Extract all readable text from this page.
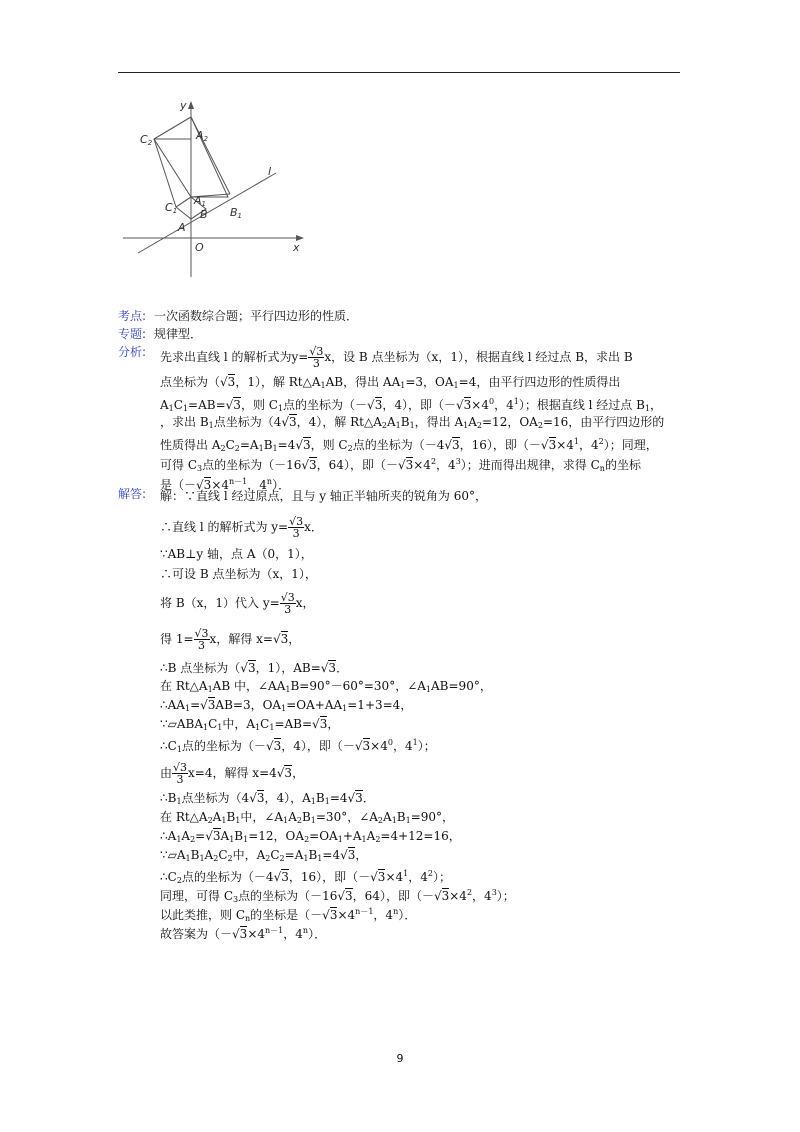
y
x
O
A
B
A1
C1	B1
A2
C2
l
考点:
专题:
分析:
解答:
一次函数综合题；平行四边形的性质．
规律型．
先求出直线 l 的解析式为$y= \frac{√3}{3}$ x，设 B 点坐标为（x，1），根据直线 l 经过点 B，求出 B
点坐标为（√3，1），解 $Rt\triangle A_1AB$，得出 $AA_1=3$，$OA_1=4$，由平行四边形的性质得出
$A_1C_1=AB=√3$，则 $C_1$点的坐标为（－√3，4），即（$-√3\times 4^0$，$4^1$）；根据直线 l 经过点 $B_1$，
，求出 $B_1$点坐标为（4√3，4），解 $Rt\triangle A_2A_1B_1$，得出 $A_1A_2=12$，$OA_2=16$，由平行四边形的
性质得出 $A_2C_2=A_1B_1=4√3$，则 $C_2$点的坐标为（－4√3，16），即（$-√3\times 4^1$，$4^2$）；同理，
可得 $C_3$点的坐标为（－16√3，64），即（$-√3\times 4^2$，$4^3$）；进而得出规律，求得 $C_n$的坐标
是（$-√3\times 4^{n-1}$，4$^n$）．
解：∵直线 l 经过原点，且与 y 轴正半轴所夹的锐角为 60°，
∴直线 l 的解析式为 $y= \frac{√3}{3}$ x．
∵AB⊥y 轴，点 A（0，1），
∴可设 B 点坐标为（x，1），
将 B（x，1）代入 $y= \frac{√3}{3}$ x，
得 $1= \frac{√3}{3}$ x，解得 x=√3，
∴B 点坐标为（√3，1），AB=√3．
在 $Rt\triangle A_1AB$ 中，$\angle AA_1B=90^\circ-60^\circ=30^\circ$，$\angle A_1AB=90^\circ$，
$\therefore AA_1=√3AB=3$，$OA_1=OA+AA_1=1+3=4$，
$\because▱ABA_1C_1$中，$A_1C_1=AB=√3$，
$\therefore C_1$点的坐标为（－√3，4），即（$-√3\times 4^0$，$4^1$）；
由 $\frac{√3}{3} x=4$，解得 x=4√3，
$\therefore B_1$点坐标为（4√3，4），$A_1B_1=4√3$．
在 $Rt\triangle A_2A_1B_1$中，$\angle A_1A_2B_1=30^\circ$，$\angle A_2A_1B_1=90^\circ$，
$\therefore A_1A_2=√3A_1B_1=12$，$OA_2=OA_1+A_1A_2=4+12=16$，
$\because▱A_1B_1A_2C_2$中，$A_2C_2=A_1B_1=4√3$，
$\therefore C_2$点的坐标为（－4√3，16），即（$-√3\times 4^1$，$4^2$）；
同理，可得 $C_3$点的坐标为（－16√3，64），即（$-√3\times 4^2$，$4^3$）；
以此类推，则 $C_n$的坐标是（$-√3\times 4^{n-1}$，4$^n$）．
故答案为（$-√3\times 4^{n-1}$，4$^n$）．
9
